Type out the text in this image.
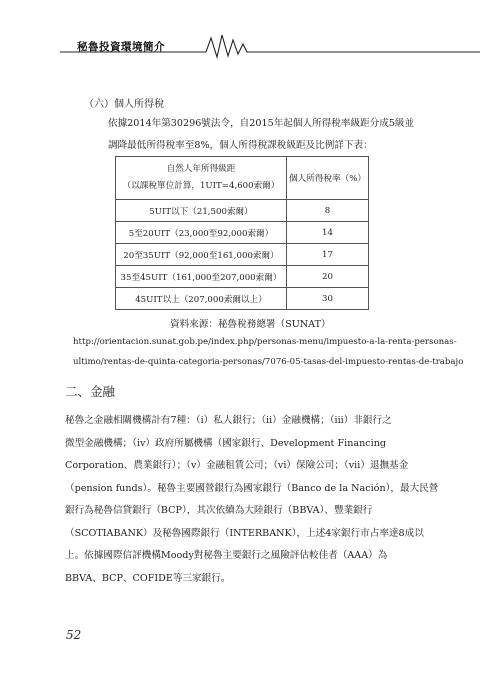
秘魯投資環境簡介
（六）個人所得稅
依據2014年第30296號法令，自2015年起個人所得稅率級距分成5級並
調降最低所得稅率至8%，個人所得稅課稅級距及比例詳下表：
自然人年所得級距
（以課稅單位計算，1UIT=4,600索爾）	個人所得稅率（%）
5UIT以下（21,500索爾）	8
5至20UIT（23,000至92,000索爾）	14
20至35UIT（92,000至161,000索爾）	17
35至45UIT（161,000至207,000索爾）	20
45UIT以上（207,000索爾以上）	30
資料來源：秘魯稅務總署（SUNAT）
http://orientacion.sunat.gob.pe/index.php/personas-menu/impuesto-a-la-renta-personas-
ultimo/rentas-de-quinta-categoria-personas/7076-05-tasas-del-impuesto-rentas-de-trabajo
二、金融
秘魯之金融相關機構計有7種：（i）私人銀行；（ii）金融機構；（iii）非銀行之
微型金融機構；（iv）政府所屬機構（國家銀行、Development Financing
Corporation、農業銀行）；（v）金融租賃公司；（vi）保險公司；（vii）退撫基金
（pension funds）。秘魯主要國營銀行為國家銀行（Banco de la Nación），最大民營
銀行為秘魯信貸銀行（BCP），其次依續為大陸銀行（BBVA）、豐業銀行
（SCOTIABANK）及秘魯國際銀行（INTERBANK），上述4家銀行市占率達8成以
上。依據國際信評機構Moody對秘魯主要銀行之風險評估較佳者（AAA）為
BBVA、BCP、COFIDE等三家銀行。
52
